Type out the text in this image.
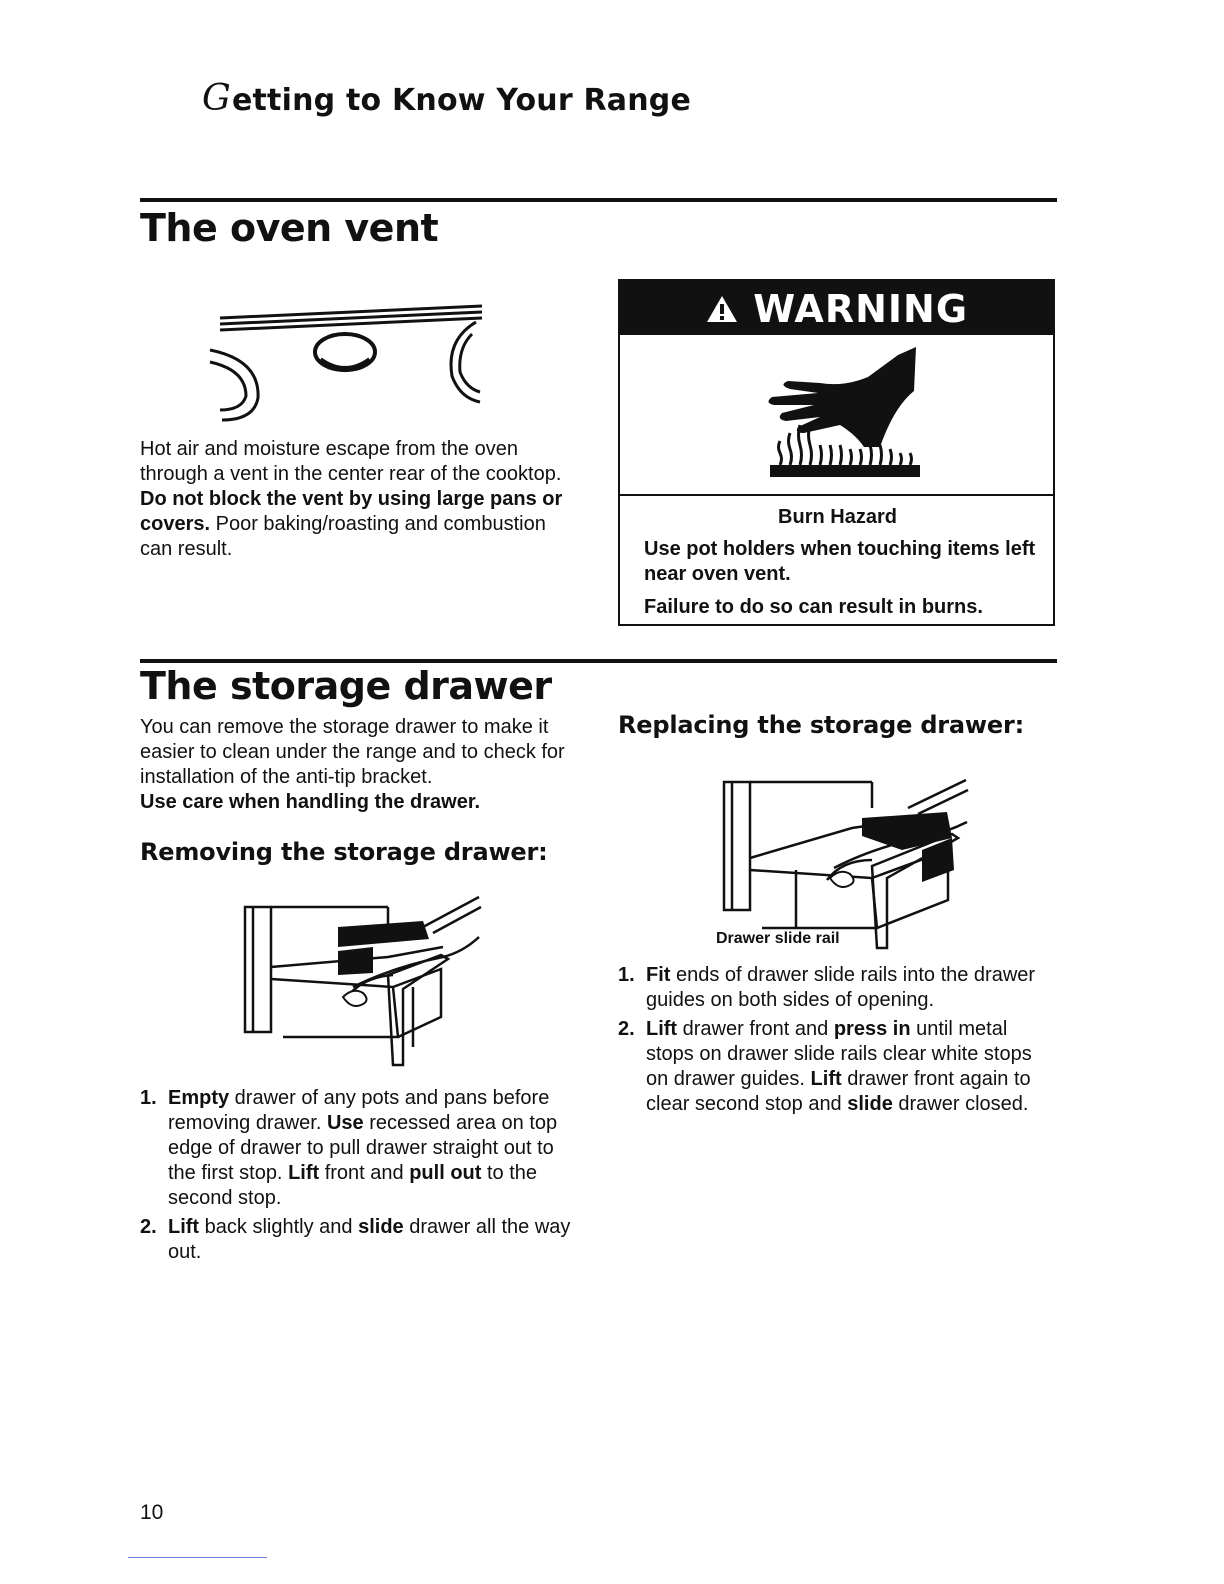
Getting to Know Your Range
The oven vent
Hot air and moisture escape from the oven through a vent in the center rear of the cooktop. Do not block the vent by using large pans or covers. Poor baking/roasting and combustion can result.
WARNING
Burn Hazard
Use pot holders when touching items left near oven vent.
Failure to do so can result in burns.
The storage drawer
You can remove the storage drawer to make it easier to clean under the range and to check for installation of the anti-tip bracket.
Use care when handling the drawer.
Removing the storage drawer:
1. Empty drawer of any pots and pans before removing drawer. Use recessed area on top edge of drawer to pull drawer straight out to the first stop. Lift front and pull out to the second stop.
2. Lift back slightly and slide drawer all the way out.
Replacing the storage drawer:
Drawer slide rail
1. Fit ends of drawer slide rails into the drawer guides on both sides of opening.
2. Lift drawer front and press in until metal stops on drawer slide rails clear white stops on drawer guides. Lift drawer front again to clear second stop and slide drawer closed.
10
